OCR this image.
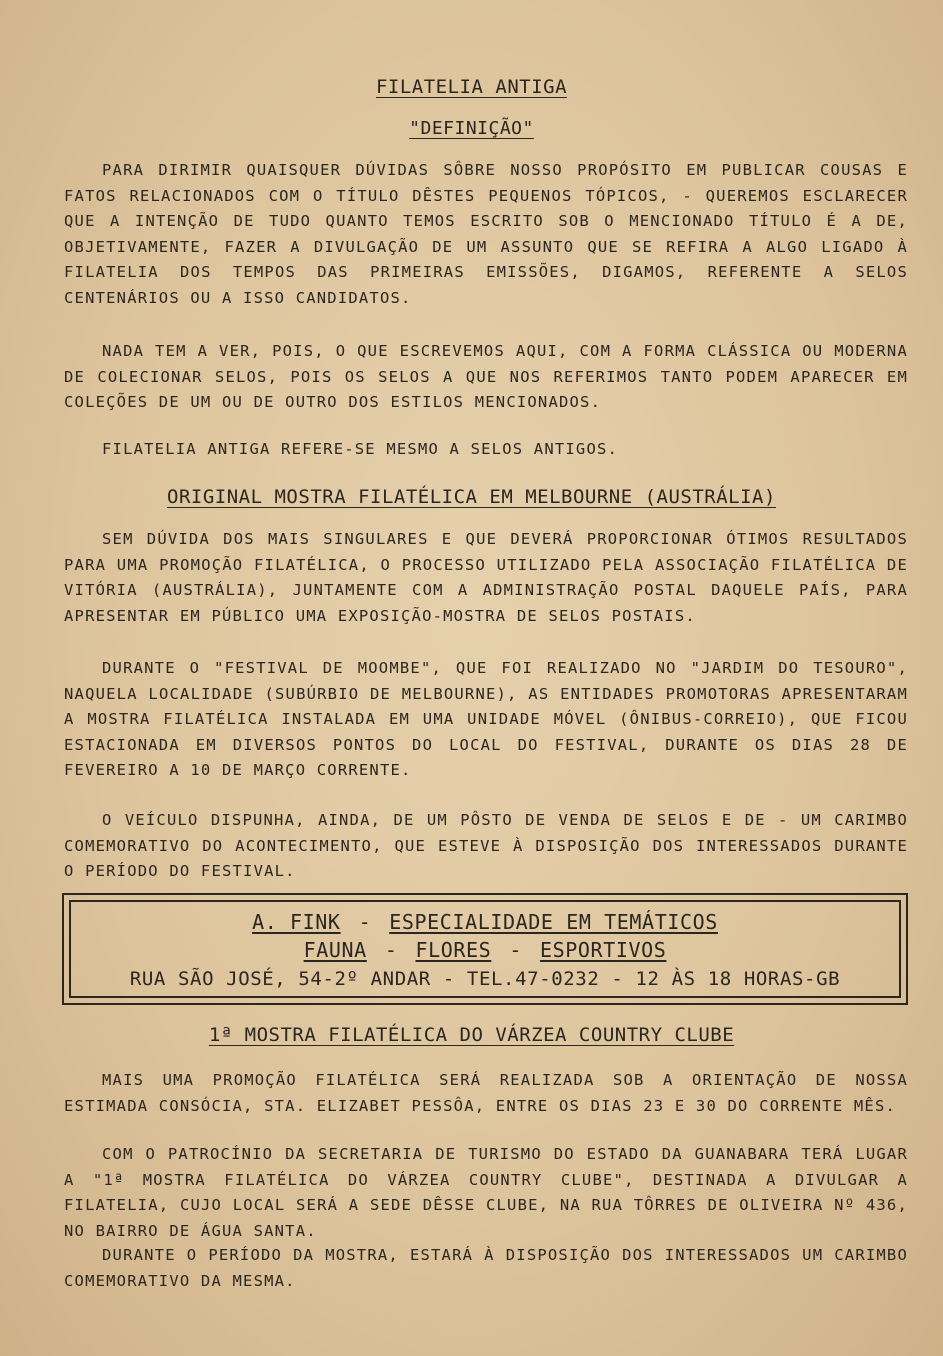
FILATELIA ANTIGA
"DEFINIÇÃO"
PARA DIRIMIR QUAISQUER DÚVIDAS SÔBRE NOSSO PROPÓSITO EM PUBLICAR COUSAS E FATOS RELACIONADOS COM O TÍTULO DÊSTES PEQUENOS TÓPICOS, - QUEREMOS ESCLARECER QUE A INTENÇÃO DE TUDO QUANTO TEMOS ESCRITO SOB O MENCIONADO TÍTULO É A DE, OBJETIVAMENTE, FAZER A DIVULGAÇÃO DE UM ASSUNTO QUE SE REFIRA A ALGO LIGADO À FILATELIA DOS TEMPOS DAS PRIMEIRAS EMISSÕES, DIGAMOS, REFERENTE A SELOS CENTENÁRIOS OU A ISSO CANDIDATOS.
NADA TEM A VER, POIS, O QUE ESCREVEMOS AQUI, COM A FORMA CLÁSSICA OU MODERNA DE COLECIONAR SELOS, POIS OS SELOS A QUE NOS REFERIMOS TANTO PODEM APARECER EM COLEÇÕES DE UM OU DE OUTRO DOS ESTILOS MENCIONADOS.
FILATELIA ANTIGA REFERE-SE MESMO A SELOS ANTIGOS.
ORIGINAL MOSTRA FILATÉLICA EM MELBOURNE (AUSTRÁLIA)
SEM DÚVIDA DOS MAIS SINGULARES E QUE DEVERÁ PROPORCIONAR ÓTIMOS RESULTADOS PARA UMA PROMOÇÃO FILATÉLICA, O PROCESSO UTILIZADO PELA ASSOCIAÇÃO FILATÉLICA DE VITÓRIA (AUSTRÁLIA), JUNTAMENTE COM A ADMINISTRAÇÃO POSTAL DAQUELE PAÍS, PARA APRESENTAR EM PÚBLICO UMA EXPOSIÇÃO-MOSTRA DE SELOS POSTAIS.
DURANTE O "FESTIVAL DE MOOMBE", QUE FOI REALIZADO NO "JARDIM DO TESOURO", NAQUELA LOCALIDADE (SUBÚRBIO DE MELBOURNE), AS ENTIDADES PROMOTORAS APRESENTARAM A MOSTRA FILATÉLICA INSTALADA EM UMA UNIDADE MÓVEL (ÔNIBUS-CORREIO), QUE FICOU ESTACIONADA EM DIVERSOS PONTOS DO LOCAL DO FESTIVAL, DURANTE OS DIAS 28 DE FEVEREIRO A 10 DE MARÇO CORRENTE.
O VEÍCULO DISPUNHA, AINDA, DE UM PÔSTO DE VENDA DE SELOS E DE - UM CARIMBO COMEMORATIVO DO ACONTECIMENTO, QUE ESTEVE À DISPOSIÇÃO DOS INTERESSADOS DURANTE O PERÍODO DO FESTIVAL.
A. FINK - ESPECIALIDADE EM TEMÁTICOS
FAUNA - FLORES - ESPORTIVOS
RUA SÃO JOSÉ, 54-2º ANDAR - TEL.47-0232 - 12 ÀS 18 HORAS-GB
1ª MOSTRA FILATÉLICA DO VÁRZEA COUNTRY CLUBE
MAIS UMA PROMOÇÃO FILATÉLICA SERÁ REALIZADA SOB A ORIENTAÇÃO DE NOSSA ESTIMADA CONSÓCIA, STA. ELIZABET PESSÔA, ENTRE OS DIAS 23 E 30 DO CORRENTE MÊS.
COM O PATROCÍNIO DA SECRETARIA DE TURISMO DO ESTADO DA GUANABARA TERÁ LUGAR A "1ª MOSTRA FILATÉLICA DO VÁRZEA COUNTRY CLUBE", DESTINADA A DIVULGAR A FILATELIA, CUJO LOCAL SERÁ A SEDE DÊSSE CLUBE, NA RUA TÔRRES DE OLIVEIRA Nº 436, NO BAIRRO DE ÁGUA SANTA.
DURANTE O PERÍODO DA MOSTRA, ESTARÁ À DISPOSIÇÃO DOS INTERESSADOS UM CARIMBO COMEMORATIVO DA MESMA.
